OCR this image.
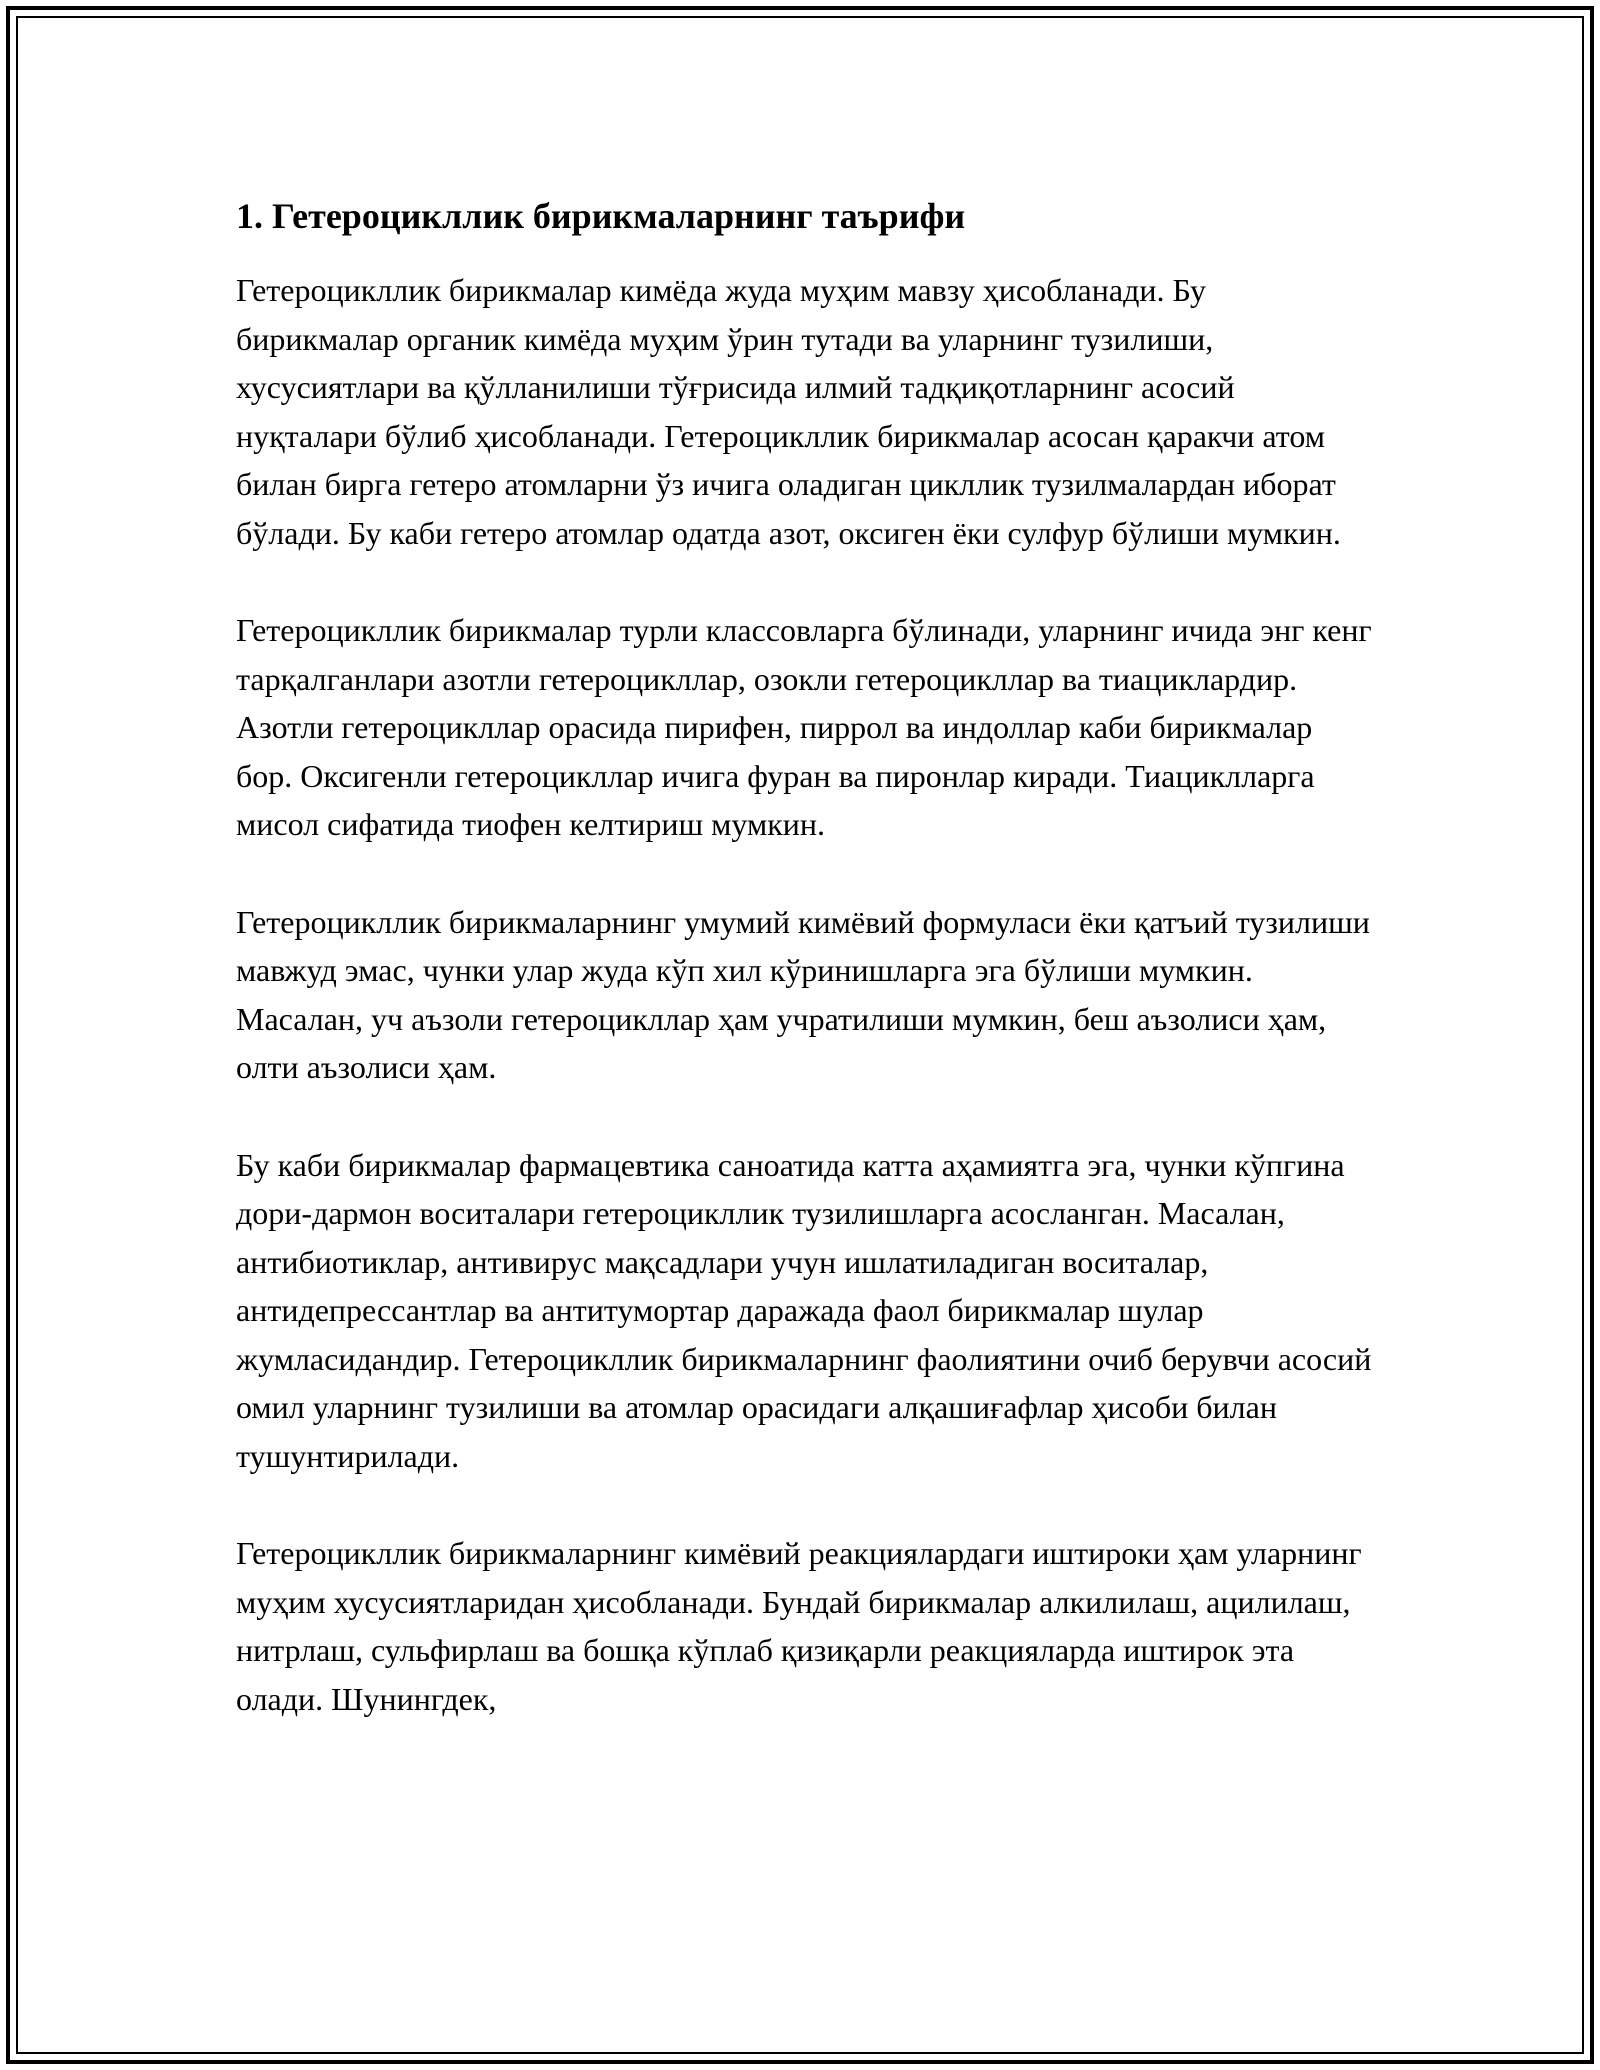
1. Гетероцикллик бирикмаларнинг таърифи

Гетероцикллик бирикмалар кимёда жуда муҳим мавзу ҳисобланади. Бу бирикмалар органик кимёда муҳим ўрин тутади ва уларнинг тузилиши, хусусиятлари ва қўлланилиши тўғрисида илмий тадқиқотларнинг асосий нуқталари бўлиб ҳисобланади. Гетероцикллик бирикмалар асосан қаракчи атом билан бирга гетеро атомларни ўз ичига оладиган цикллик тузилмалардан иборат бўлади. Бу каби гетеро атомлар одатда азот, оксиген ёки сулфур бўлиши мумкин.

Гетероцикллик бирикмалар турли классовларга бўлинади, уларнинг ичида энг кенг тарқалганлари азотли гетероцикллар, озокли гетероцикллар ва тиациклардир. Азотли гетероцикллар орасида пирифен, пиррол ва индоллар каби бирикмалар бор. Оксигенли гетероцикллар ичига фуран ва пиронлар киради. Тиациклларга мисол сифатида тиофен келтириш мумкин.

Гетероцикллик бирикмаларнинг умумий кимёвий формуласи ёки қатъий тузилиши мавжуд эмас, чунки улар жуда кўп хил кўринишларга эга бўлиши мумкин. Масалан, уч аъзоли гетероцикллар ҳам учратилиши мумкин, беш аъзолиси ҳам, олти аъзолиси ҳам.

Бу каби бирикмалар фармацевтика саноатида катта аҳамиятга эга, чунки кўпгина дори-дармон воситалари гетероцикллик тузилишларга асосланган. Масалан, антибиотиклар, антивирус мақсадлари учун ишлатиладиган воситалар, антидепрессантлар ва антитумортар даражада фаол бирикмалар шулар жумласидандир. Гетероцикллик бирикмаларнинг фаолиятини очиб берувчи асосий омил уларнинг тузилиши ва атомлар орасидаги алқашиғафлар ҳисоби билан тушунтирилади.

Гетероцикллик бирикмаларнинг кимёвий реакциялардаги иштироки ҳам уларнинг муҳим хусусиятларидан ҳисобланади. Бундай бирикмалар алкилилаш, ацилилаш, нитрлаш, сульфирлаш ва бошқа кўплаб қизиқарли реакцияларда иштирок эта олади. Шунингдек,
